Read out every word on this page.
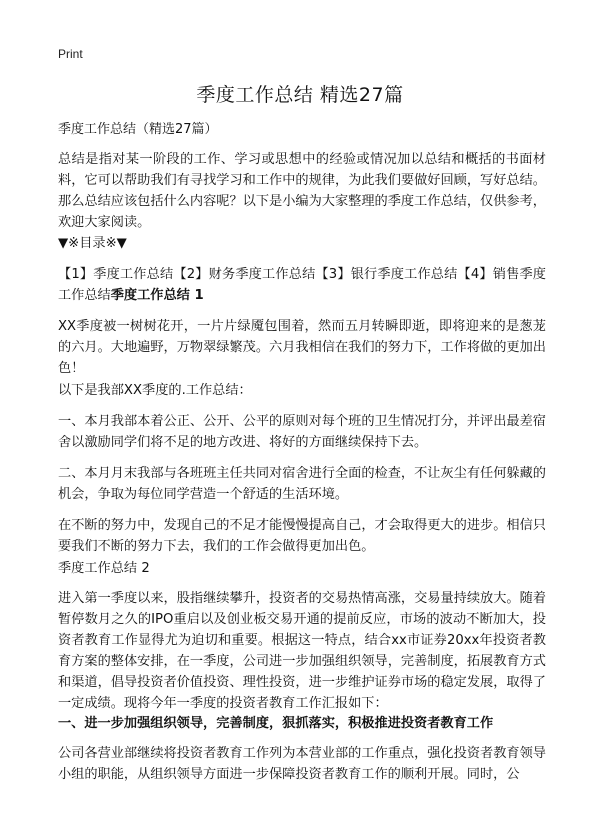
Print
季度工作总结 精选27篇

季度工作总结（精选27篇）

总结是指对某一阶段的工作、学习或思想中的经验或情况加以总结和概括的书面材料，它可以帮助我们有寻找学习和工作中的规律，为此我们要做好回顾，写好总结。那么总结应该包括什么内容呢？以下是小编为大家整理的季度工作总结，仅供参考，欢迎大家阅读。

▼※目录※▼

【1】季度工作总结【2】财务季度工作总结【3】银行季度工作总结【4】销售季度工作总结季度工作总结 1

XX季度被一树树花开，一片片绿魇包围着，然而五月转瞬即逝，即将迎来的是葱茏的六月。大地遍野，万物翠绿繁茂。六月我相信在我们的努力下，工作将做的更加出色！

以下是我部XX季度的.工作总结：

一、本月我部本着公正、公开、公平的原则对每个班的卫生情况打分，并评出最差宿舍以激励同学们将不足的地方改进、将好的方面继续保持下去。

二、本月月末我部与各班班主任共同对宿舍进行全面的检查，不让灰尘有任何躲藏的机会，争取为每位同学营造一个舒适的生活环境。

在不断的努力中，发现自己的不足才能慢慢提高自己，才会取得更大的进步。相信只要我们不断的努力下去，我们的工作会做得更加出色。

季度工作总结 2

进入第一季度以来，股指继续攀升，投资者的交易热情高涨，交易量持续放大。随着暂停数月之久的IPO重启以及创业板交易开通的提前反应，市场的波动不断加大，投资者教育工作显得尤为迫切和重要。根据这一特点，结合xx市证券20xx年投资者教育方案的整体安排，在一季度，公司进一步加强组织领导，完善制度，拓展教育方式和渠道，倡导投资者价值投资、理性投资，进一步维护证券市场的稳定发展，取得了一定成绩。现将今年一季度的投资者教育工作汇报如下：

一、进一步加强组织领导，完善制度，狠抓落实，积极推进投资者教育工作

公司各营业部继续将投资者教育工作列为本营业部的工作重点，强化投资者教育领导小组的职能，从组织领导方面进一步保障投资者教育工作的顺利开展。同时，公
